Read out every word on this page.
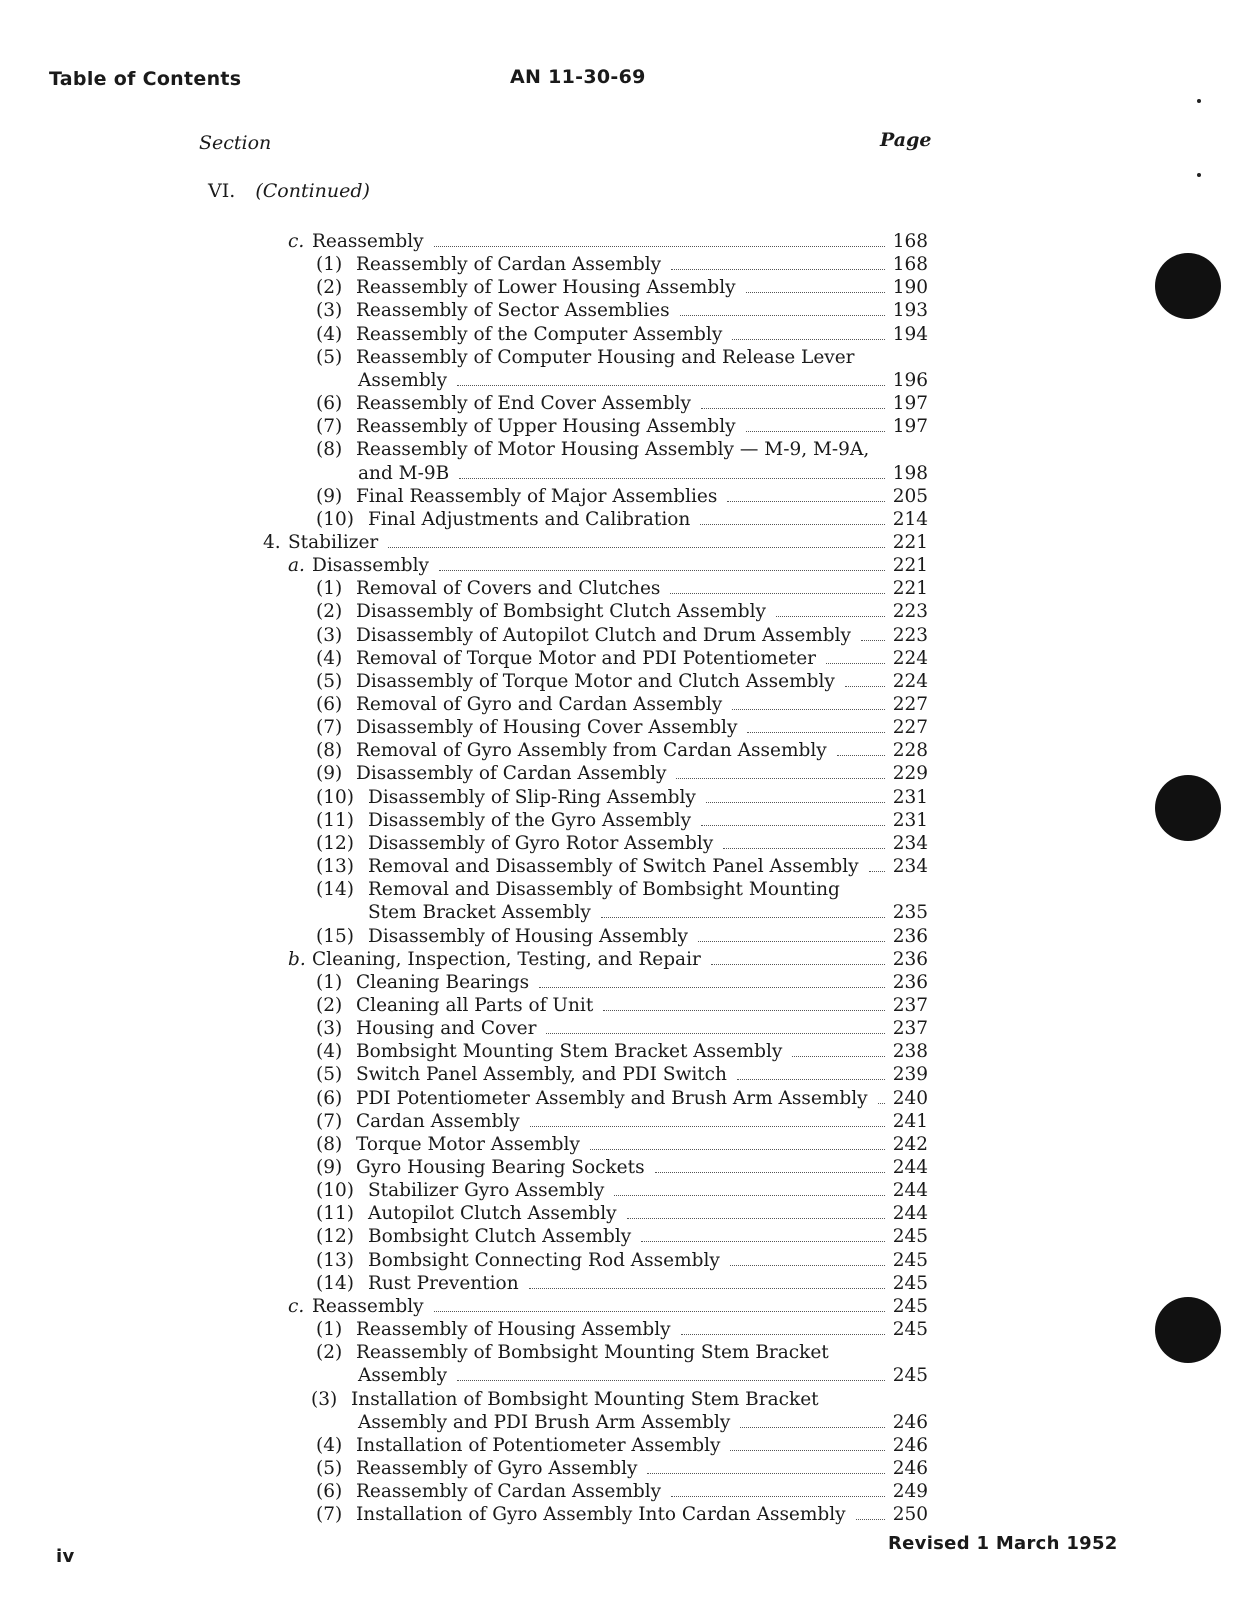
Table of Contents	AN 11-30-69
Section	Page
VI. (Continued)
c. Reassembly	168
(1) Reassembly of Cardan Assembly	168
(2) Reassembly of Lower Housing Assembly	190
(3) Reassembly of Sector Assemblies	193
(4) Reassembly of the Computer Assembly	194
(5) Reassembly of Computer Housing and Release Lever
Assembly	196
(6) Reassembly of End Cover Assembly	197
(7) Reassembly of Upper Housing Assembly	197
(8) Reassembly of Motor Housing Assembly — M-9, M-9A,
and M-9B	198
(9) Final Reassembly of Major Assemblies	205
(10) Final Adjustments and Calibration	214
4. Stabilizer	221
a. Disassembly	221
(1) Removal of Covers and Clutches	221
(2) Disassembly of Bombsight Clutch Assembly	223
(3) Disassembly of Autopilot Clutch and Drum Assembly 223
(4) Removal of Torque Motor and PDI Potentiometer	224
(5) Disassembly of Torque Motor and Clutch Assembly	224
(6) Removal of Gyro and Cardan Assembly	227
(7) Disassembly of Housing Cover Assembly	227
(8) Removal of Gyro Assembly from Cardan Assembly	228
(9) Disassembly of Cardan Assembly	229
(10) Disassembly of Slip-Ring Assembly	231
(11) Disassembly of the Gyro Assembly	231
(12) Disassembly of Gyro Rotor Assembly	234
(13) Removal and Disassembly of Switch Panel Assembly 234
(14) Removal and Disassembly of Bombsight Mounting
Stem Bracket Assembly	235
(15) Disassembly of Housing Assembly	236
b. Cleaning, Inspection, Testing, and Repair	236
(1) Cleaning Bearings	236
(2) Cleaning all Parts of Unit	237
(3) Housing and Cover	237
(4) Bombsight Mounting Stem Bracket Assembly	238
(5) Switch Panel Assembly, and PDI Switch	239
(6) PDI Potentiometer Assembly and Brush Arm Assembly 240
(7) Cardan Assembly	241
(8) Torque Motor Assembly	242
(9) Gyro Housing Bearing Sockets	244
(10) Stabilizer Gyro Assembly	244
(11) Autopilot Clutch Assembly	244
(12) Bombsight Clutch Assembly	245
(13) Bombsight Connecting Rod Assembly	245
(14) Rust Prevention	245
c. Reassembly	245
(1) Reassembly of Housing Assembly	245
(2) Reassembly of Bombsight Mounting Stem Bracket
Assembly	245
(3) Installation of Bombsight Mounting Stem Bracket
Assembly and PDI Brush Arm Assembly	246
(4) Installation of Potentiometer Assembly	246
(5) Reassembly of Gyro Assembly	246
(6) Reassembly of Cardan Assembly	249
(7) Installation of Gyro Assembly Into Cardan Assembly	250
iv
Revised 1 March 1952
